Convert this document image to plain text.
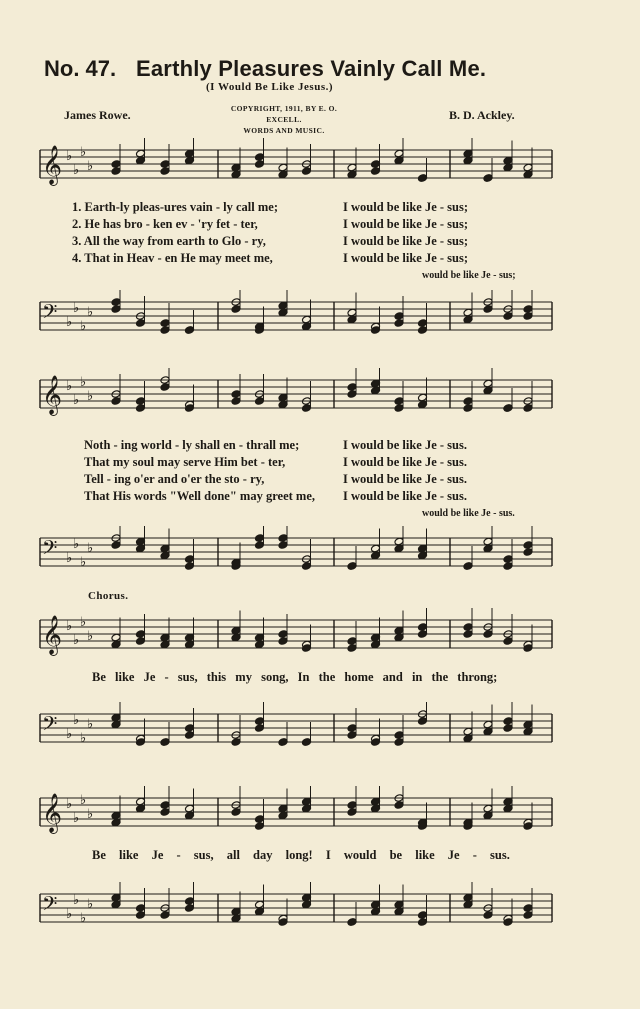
No. 47. Earthly Pleasures Vainly Call Me.
(I Would Be Like Jesus.)
James Rowe.	COPYRIGHT, 1911, BY E. O. EXCELL.
WORDS AND MUSIC.
B. D. Ackley.
𝄞 ♭
♭
♭
♭
1. Earth-ly pleas-ures vain - ly call me;	I would be like Je - sus;
2. He has bro - ken ev - 'ry fet - ter,	I would be like Je - sus;
3. All the way from earth to Glo - ry,	I would be like Je - sus;
4. That in Heav - en He may meet me,	I would be like Je - sus;
would be like Je - sus;
𝄢 ♭
♭
♭
♭
𝄞 ♭
♭
♭
♭
Noth - ing world - ly shall en - thrall me;	I would be like Je - sus.
That my soul may serve Him bet - ter,	I would be like Je - sus.
Tell - ing o'er and o'er the sto - ry,	I would be like Je - sus.
That His words "Well done" may greet me, I would be like Je - sus.
would be like Je - sus.
𝄢 ♭
♭
♭
♭
Chorus.
𝄞 ♭
♭
♭
♭
Be like Je - sus, this my song, In the home and in the throng;
𝄢 ♭
♭
♭
♭
𝄞 ♭
♭
♭
♭
Be like Je - sus, all day long! I would be like Je - sus.
𝄢 ♭
♭
♭
♭
